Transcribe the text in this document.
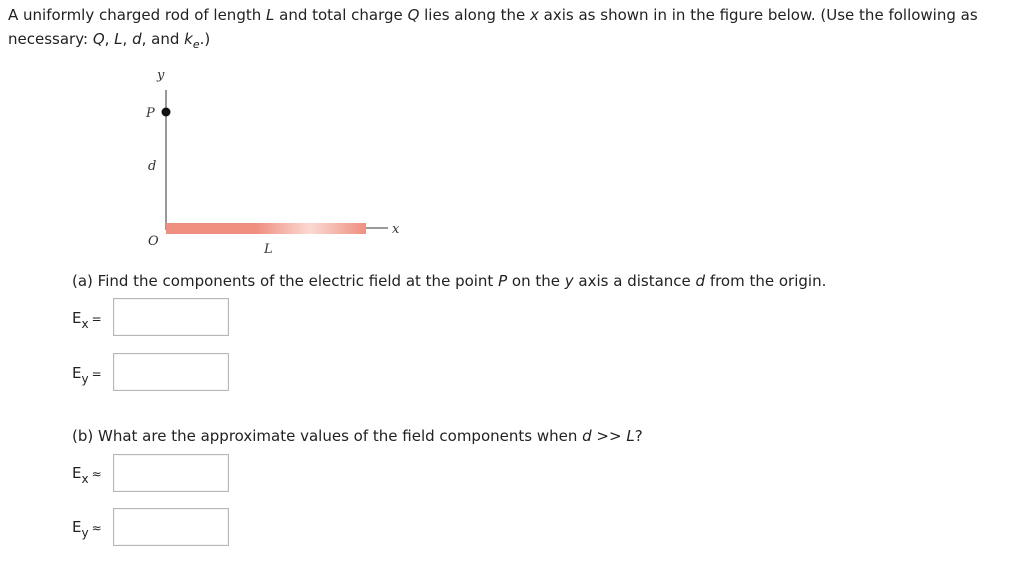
A uniformly charged rod of length L and total charge Q lies along the x axis as shown in in the figure below. (Use the following as necessary: Q, L, d, and $k_e$.)
y
P
d
O
L
x
(a) Find the components of the electric field at the point P on the y axis a distance d from the origin.
$E_x$ =
$E_y$ =
(b) What are the approximate values of the field components when d >> L?
$E_x$ ≈
$E_y$ ≈
